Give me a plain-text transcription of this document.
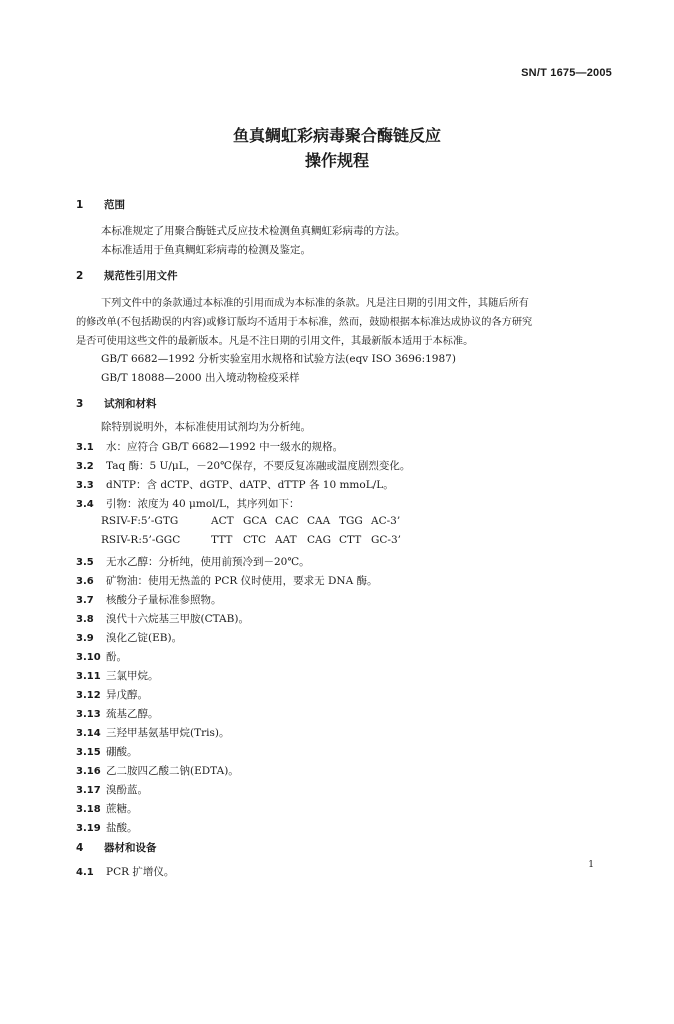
SN/T 1675—2005
鱼真鲷虹彩病毒聚合酶链反应
操作规程
1 范围
本标准规定了用聚合酶链式反应技术检测鱼真鲷虹彩病毒的方法。
本标准适用于鱼真鲷虹彩病毒的检测及鉴定。
2 规范性引用文件
下列文件中的条款通过本标准的引用而成为本标准的条款。凡是注日期的引用文件，其随后所有
的修改单(不包括勘误的内容)或修订版均不适用于本标准，然而，鼓励根据本标准达成协议的各方研究
是否可使用这些文件的最新版本。凡是不注日期的引用文件，其最新版本适用于本标准。
GB/T 6682—1992 分析实验室用水规格和试验方法(eqv ISO 3696:1987)
GB/T 18088—2000 出入境动物检疫采样
3 试剂和材料
除特别说明外，本标准使用试剂均为分析纯。
3.1 水：应符合 GB/T 6682—1992 中一级水的规格。
3.2 Taq 酶：5 U/μL，－20℃保存，不要反复冻融或温度剧烈变化。
3.3 dNTP：含 dCTP、dGTP、dATP、dTTP 各 10 mmoL/L。
3.4 引物：浓度为 40 μmol/L，其序列如下：
RSIV-F:5’-GTG	ACT GCA CAC CAA TGG AC-3’
RSIV-R:5’-GGC	TTT CTC AAT CAG CTT GC-3’
3.5 无水乙醇：分析纯，使用前预冷到－20℃。
3.6 矿物油：使用无热盖的 PCR 仪时使用，要求无 DNA 酶。
3.7 核酸分子量标准参照物。
3.8 溴代十六烷基三甲胺(CTAB)。
3.9 溴化乙锭(EB)。
3.10 酚。
3.11 三氯甲烷。
3.12 异戊醇。
3.13 巯基乙醇。
3.14 三羟甲基氨基甲烷(Tris)。
3.15 硼酸。
3.16 乙二胺四乙酸二钠(EDTA)。
3.17 溴酚蓝。
3.18 蔗糖。
3.19 盐酸。
4 器材和设备
4.1 PCR 扩增仪。
1
